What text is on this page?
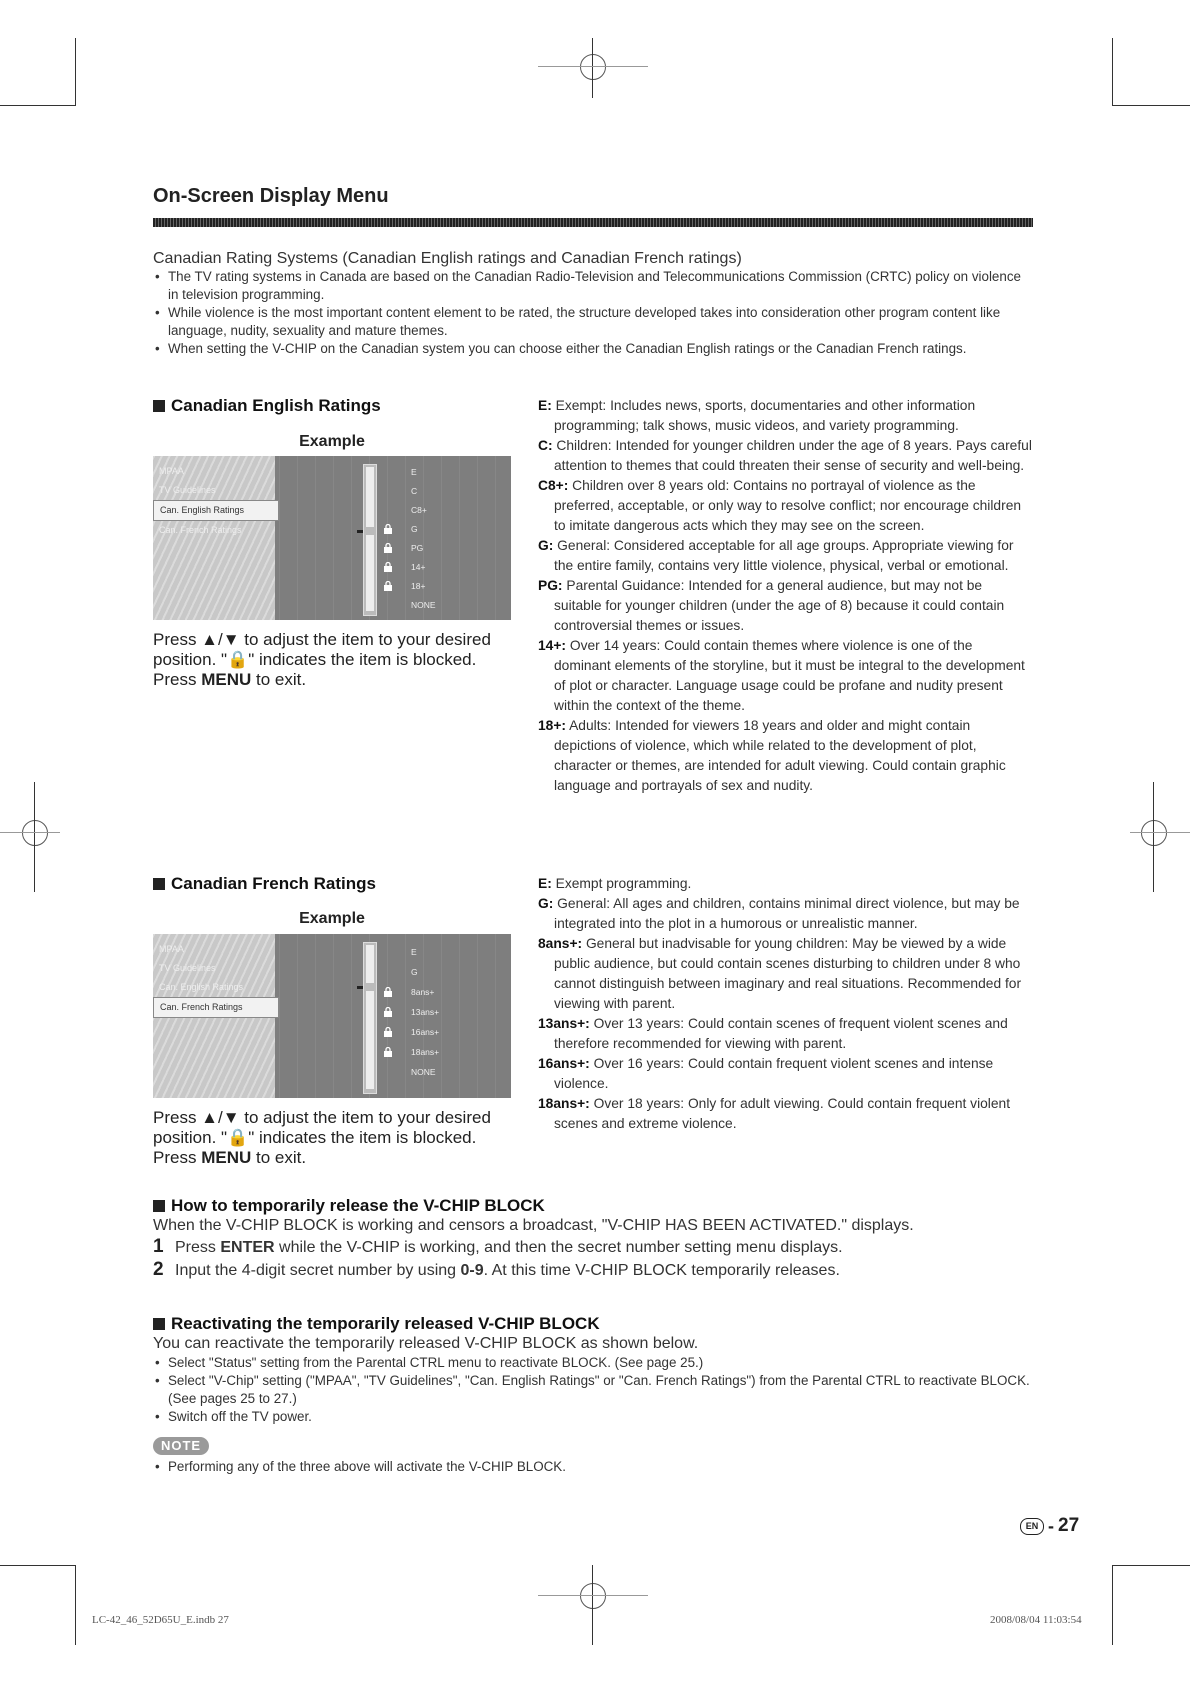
On-Screen Display Menu
Canadian Rating Systems (Canadian English ratings and Canadian French ratings)
• The TV rating systems in Canada are based on the Canadian Radio-Television and Telecommunications Commission (CRTC) policy on violence in television programming.
• While violence is the most important content element to be rated, the structure developed takes into consideration other program content like language, nudity, sexuality and mature themes.
• When setting the V-CHIP on the Canadian system you can choose either the Canadian English ratings or the Canadian French ratings.
Canadian English Ratings
Example
MPAA
TV Guidelines
Can. English Ratings
Can. French Ratings
E
C
C8+
G
PG
14+
18+
NONE
Press ▲/▼ to adjust the item to your desired
position. "🔒" indicates the item is blocked.
Press MENU to exit.

E: Exempt: Includes news, sports, documentaries and other information programming; talk shows, music videos, and variety programming.

C: Children: Intended for younger children under the age of 8 years. Pays careful attention to themes that could threaten their sense of security and well-being.

C8+: Children over 8 years old: Contains no portrayal of violence as the preferred, acceptable, or only way to resolve conflict; nor encourage children to imitate dangerous acts which they may see on the screen.

G: General: Considered acceptable for all age groups. Appropriate viewing for the entire family, contains very little violence, physical, verbal or emotional.

PG: Parental Guidance: Intended for a general audience, but may not be suitable for younger children (under the age of 8) because it could contain controversial themes or issues.

14+: Over 14 years: Could contain themes where violence is one of the dominant elements of the storyline, but it must be integral to the development of plot or character. Language usage could be profane and nudity present within the context of the theme.

18+: Adults: Intended for viewers 18 years and older and might contain depictions of violence, which while related to the development of plot, character or themes, are intended for adult viewing. Could contain graphic language and portrayals of sex and nudity.

Canadian French Ratings
Example
MPAA
TV Guidelines
Can. English Ratings
Can. French Ratings
E
G
8ans+
13ans+
16ans+
18ans+
NONE
Press ▲/▼ to adjust the item to your desired
position. "🔒" indicates the item is blocked.
Press MENU to exit.

E: Exempt programming.

G: General: All ages and children, contains minimal direct violence, but may be integrated into the plot in a humorous or unrealistic manner.

8ans+: General but inadvisable for young children: May be viewed by a wide public audience, but could contain scenes disturbing to children under 8 who cannot distinguish between imaginary and real situations. Recommended for viewing with parent.

13ans+: Over 13 years: Could contain scenes of frequent violent scenes and therefore recommended for viewing with parent.

16ans+: Over 16 years: Could contain frequent violent scenes and intense violence.

18ans+: Over 18 years: Only for adult viewing. Could contain frequent violent scenes and extreme violence.

How to temporarily release the V-CHIP BLOCK
When the V-CHIP BLOCK is working and censors a broadcast, "V-CHIP HAS BEEN ACTIVATED." displays.
1 Press ENTER while the V-CHIP is working, and then the secret number setting menu displays.
2 Input the 4-digit secret number by using 0-9. At this time V-CHIP BLOCK temporarily releases.
Reactivating the temporarily released V-CHIP BLOCK
You can reactivate the temporarily released V-CHIP BLOCK as shown below.
• Select "Status" setting from the Parental CTRL menu to reactivate BLOCK. (See page 25.)
• Select "V-Chip" setting ("MPAA", "TV Guidelines", "Can. English Ratings" or "Can. French Ratings") from the Parental CTRL to reactivate BLOCK. (See pages 25 to 27.)
• Switch off the TV power.
NOTE
• Performing any of the three above will activate the V-CHIP BLOCK.
EN - 27
LC-42_46_52D65U_E.indb 27	2008/08/04 11:03:54
